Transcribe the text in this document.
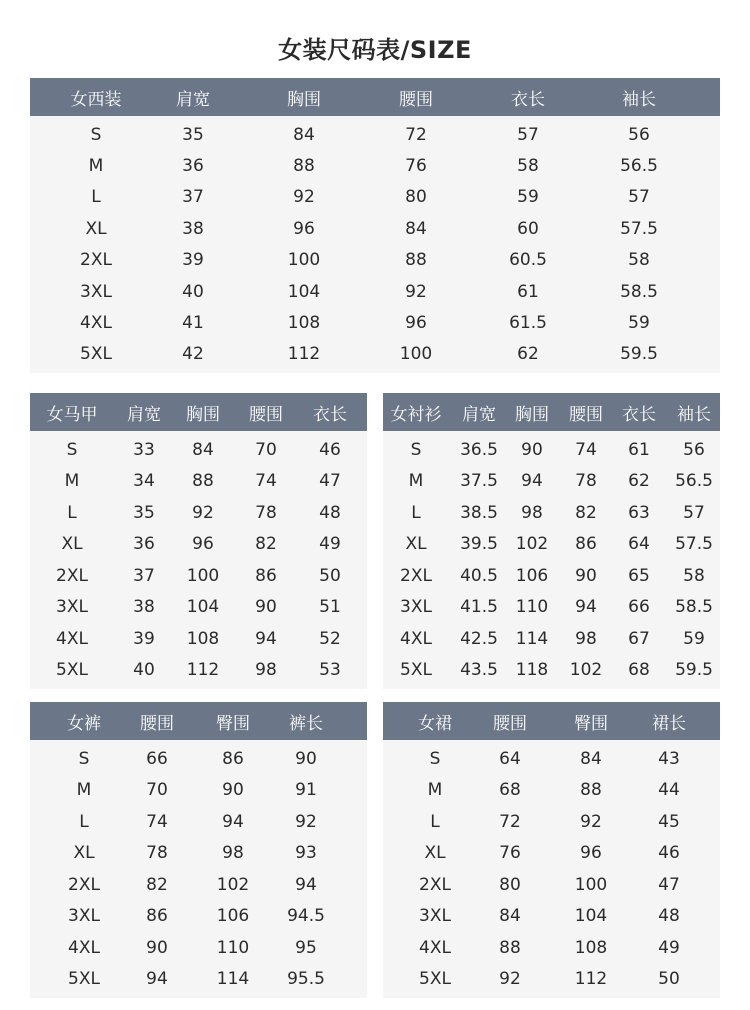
女装尺码表/SIZE
女西装	肩宽	胸围	腰围	衣长	袖长
S	35	84	72	57	56
M	36	88	76	58	56.5
L	37	92	80	59	57
XL	38	96	84	60	57.5
2XL	39	100	88	60.5	58
3XL	40	104	92	61	58.5
4XL	41	108	96	61.5	59
5XL	42	112	100	62	59.5
女马甲	肩宽	胸围	腰围	衣长
S	33	84	70	46
M	34	88	74	47
L	35	92	78	48
XL	36	96	82	49
2XL	37	100	86	50
3XL	38	104	90	51
4XL	39	108	94	52
5XL	40	112	98	53
女衬衫	肩宽	胸围	腰围	衣长	袖长
S	36.5	90	74	61	56
M	37.5	94	78	62	56.5
L	38.5	98	82	63	57
XL	39.5	102	86	64	57.5
2XL	40.5	106	90	65	58
3XL	41.5	110	94	66	58.5
4XL	42.5	114	98	67	59
5XL	43.5	118	102	68	59.5
女裤	腰围	臀围	裤长
S	66	86	90
M	70	90	91
L	74	94	92
XL	78	98	93
2XL	82	102	94
3XL	86	106	94.5
4XL	90	110	95
5XL	94	114	95.5
女裙	腰围	臀围	裙长
S	64	84	43
M	68	88	44
L	72	92	45
XL	76	96	46
2XL	80	100	47
3XL	84	104	48
4XL	88	108	49
5XL	92	112	50
